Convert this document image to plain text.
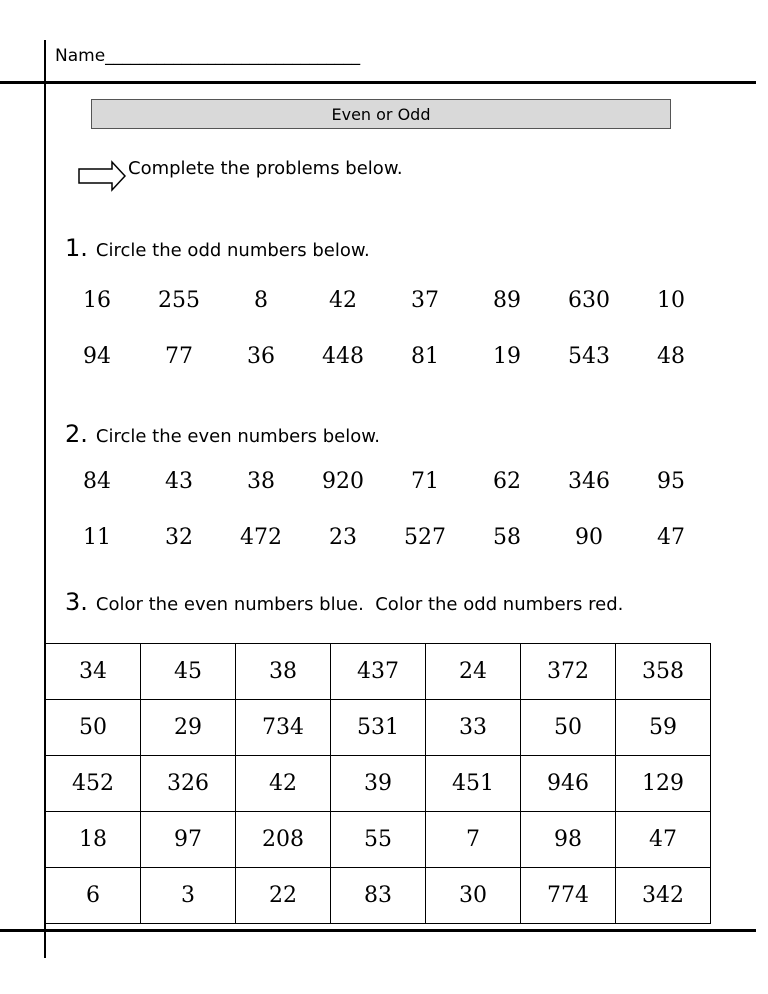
Name______________________________
Even or Odd
Complete the problems below.
1. Circle the odd numbers below.
16	255	8	42	37	89	630	10
94	77	36	448	81	19	543	48
2. Circle the even numbers below.
84	43	38	920	71	62	346	95
11	32	472	23	527	58	90	47
3. Color the even numbers blue.  Color the odd numbers red.
34	45	38	437	24	372	358
50	29	734	531	33	50	59
452	326	42	39	451	946	129
18	97	208	55	7	98	47
6	3	22	83	30	774	342
